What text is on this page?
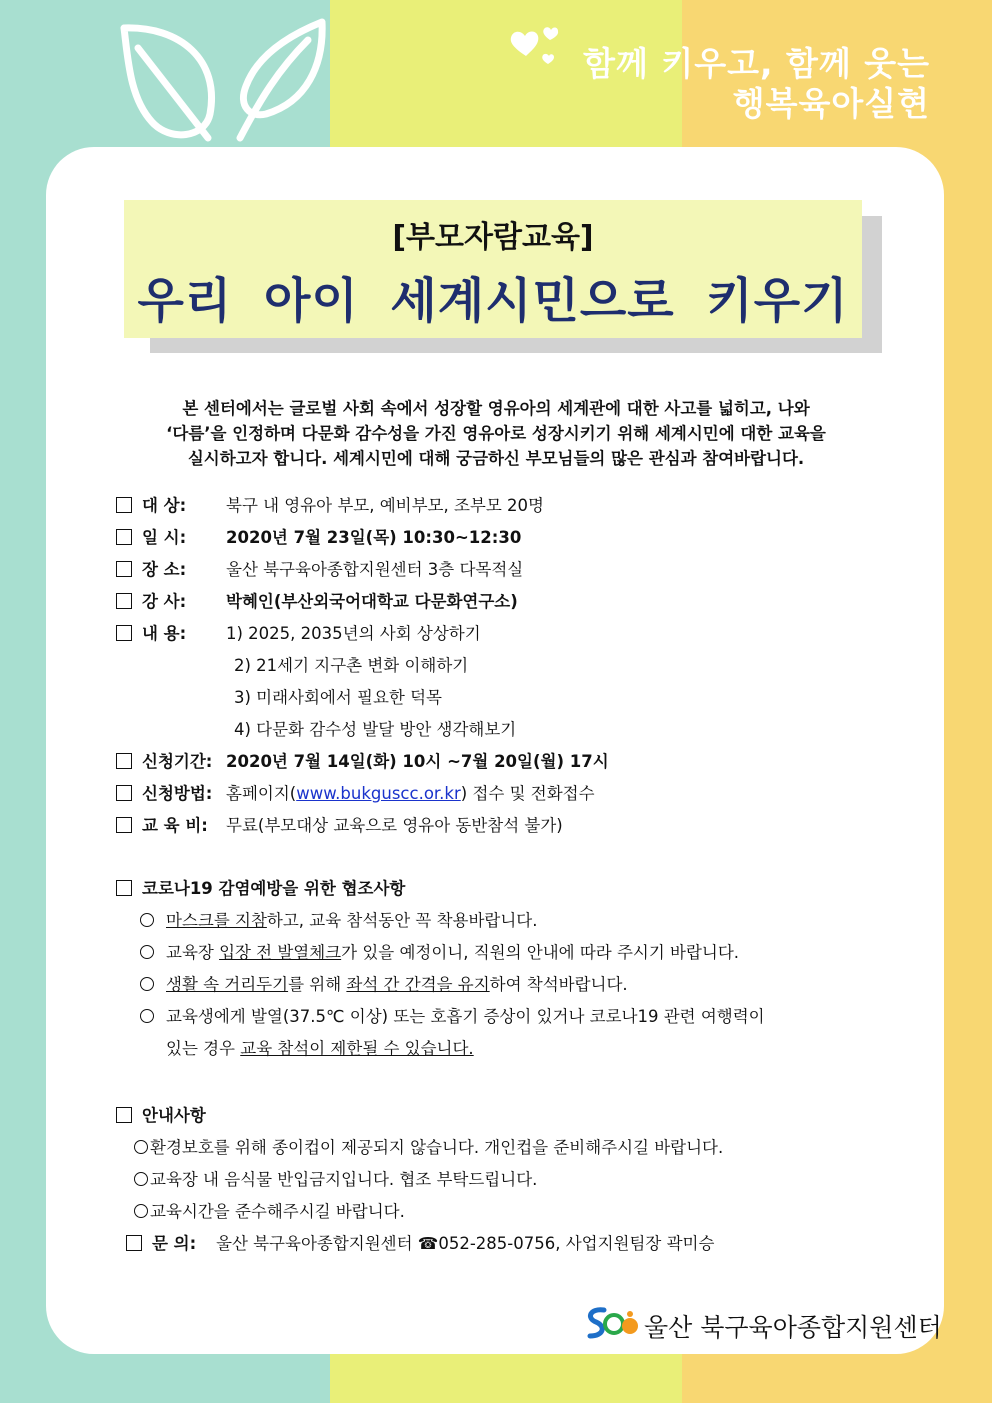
함께 키우고, 함께 웃는
행복육아실현
[부모자람교육]
우리 아이 세계시민으로 키우기
본 센터에서는 글로벌 사회 속에서 성장할 영유아의 세계관에 대한 사고를 넓히고, 나와
‘다름’을 인정하며 다문화 감수성을 가진 영유아로 성장시키기 위해 세계시민에 대한 교육을
실시하고자 합니다. 세계시민에 대해 궁금하신 부모님들의 많은 관심과 참여바랍니다.
대 상: 북구 내 영유아 부모, 예비부모, 조부모 20명
일 시: 2020년 7월 23일(목) 10:30~12:30
장 소: 울산 북구육아종합지원센터 3층 다목적실
강 사: 박혜인(부산외국어대학교 다문화연구소)
내 용: 1) 2025, 2035년의 사회 상상하기
2) 21세기 지구촌 변화 이해하기
3) 미래사회에서 필요한 덕목
4) 다문화 감수성 발달 방안 생각해보기
신청기간: 2020년 7월 14일(화) 10시 ~7월 20일(월) 17시
신청방법: 홈페이지(www.bukguscc.or.kr) 접수 및 전화접수
교 육 비: 무료(부모대상 교육으로 영유아 동반참석 불가)
코로나19 감염예방을 위한 협조사항
마스크를 지참하고, 교육 참석동안 꼭 착용바랍니다.
교육장 입장 전 발열체크가 있을 예정이니, 직원의 안내에 따라 주시기 바랍니다.
생활 속 거리두기를 위해 좌석 간 간격을 유지하여 착석바랍니다.
교육생에게 발열(37.5℃ 이상) 또는 호흡기 증상이 있거나 코로나19 관련 여행력이
있는 경우 교육 참석이 제한될 수 있습니다.
안내사항
환경보호를 위해 종이컵이 제공되지 않습니다. 개인컵을 준비해주시길 바랍니다.
교육장 내 음식물 반입금지입니다. 협조 부탁드립니다.
교육시간을 준수해주시길 바랍니다.
문 의: 울산 북구육아종합지원센터 ☎052-285-0756, 사업지원팀장 곽미승
울산 북구육아종합지원센터
